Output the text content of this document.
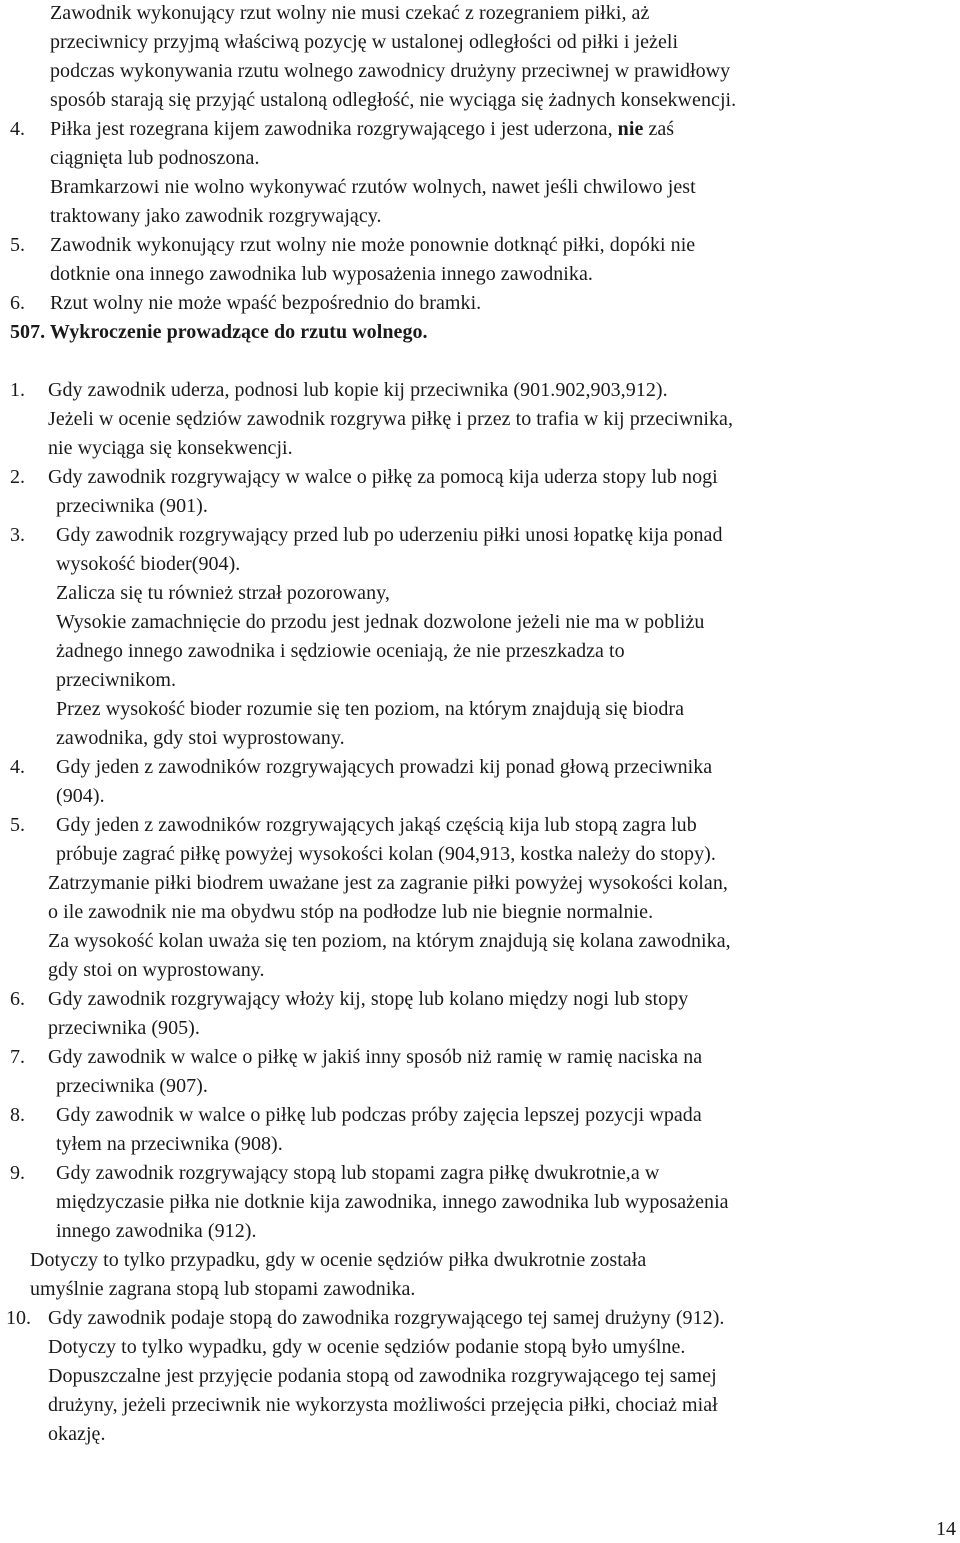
Zawodnik wykonujący rzut wolny nie musi czekać z rozegraniem piłki, aż
przeciwnicy przyjmą właściwą pozycję w ustalonej odległości od piłki i jeżeli
podczas wykonywania rzutu wolnego zawodnicy drużyny przeciwnej w prawidłowy
sposób starają się przyjąć ustaloną odległość, nie wyciąga się żadnych konsekwencji.
4. Piłka jest rozegrana kijem zawodnika rozgrywającego i jest uderzona, nie zaś
ciągnięta lub podnoszona.
Bramkarzowi nie wolno wykonywać rzutów wolnych, nawet jeśli chwilowo jest
traktowany jako zawodnik rozgrywający.
5. Zawodnik wykonujący rzut wolny nie może ponownie dotknąć piłki, dopóki nie
dotknie ona innego zawodnika lub wyposażenia innego zawodnika.
6. Rzut wolny nie może wpaść bezpośrednio do bramki.
507. Wykroczenie prowadzące do rzutu wolnego.
1. Gdy zawodnik uderza, podnosi lub kopie kij przeciwnika (901.902,903,912).
Jeżeli w ocenie sędziów zawodnik rozgrywa piłkę i przez to trafia w kij przeciwnika,
nie wyciąga się konsekwencji.
2. Gdy zawodnik rozgrywający w walce o piłkę za pomocą kija uderza stopy lub nogi
przeciwnika (901).
3. Gdy zawodnik rozgrywający przed lub po uderzeniu piłki unosi łopatkę kija ponad
wysokość bioder(904).
Zalicza się tu również strzał pozorowany,
Wysokie zamachnięcie do przodu jest jednak dozwolone jeżeli nie ma w pobliżu
żadnego innego zawodnika i sędziowie oceniają, że nie przeszkadza to
przeciwnikom.
Przez wysokość bioder rozumie się ten poziom, na którym znajdują się biodra
zawodnika, gdy stoi wyprostowany.
4. Gdy jeden z zawodników rozgrywających prowadzi kij ponad głową przeciwnika
(904).
5. Gdy jeden z zawodników rozgrywających jakąś częścią kija lub stopą zagra lub
próbuje zagrać piłkę powyżej wysokości kolan (904,913, kostka należy do stopy).
Zatrzymanie piłki biodrem uważane jest za zagranie piłki powyżej wysokości kolan,
o ile zawodnik nie ma obydwu stóp na podłodze lub nie biegnie normalnie.
Za wysokość kolan uważa się ten poziom, na którym znajdują się kolana zawodnika,
gdy stoi on wyprostowany.
6. Gdy zawodnik rozgrywający włoży kij, stopę lub kolano między nogi lub stopy
przeciwnika (905).
7. Gdy zawodnik w walce o piłkę w jakiś inny sposób niż ramię w ramię naciska na
przeciwnika (907).
8. Gdy zawodnik w walce o piłkę lub podczas próby zajęcia lepszej pozycji wpada
tyłem na przeciwnika (908).
9. Gdy zawodnik rozgrywający stopą lub stopami zagra piłkę dwukrotnie,a w
międzyczasie piłka nie dotknie kija zawodnika, innego zawodnika lub wyposażenia
innego zawodnika (912).
Dotyczy to tylko przypadku, gdy w ocenie sędziów piłka dwukrotnie została
umyślnie zagrana stopą lub stopami zawodnika.
10. Gdy zawodnik podaje stopą do zawodnika rozgrywającego tej samej drużyny (912).
Dotyczy to tylko wypadku, gdy w ocenie sędziów podanie stopą było umyślne.
Dopuszczalne jest przyjęcie podania stopą od zawodnika rozgrywającego tej samej
drużyny, jeżeli przeciwnik nie wykorzysta możliwości przejęcia piłki, chociaż miał
okazję.
14
